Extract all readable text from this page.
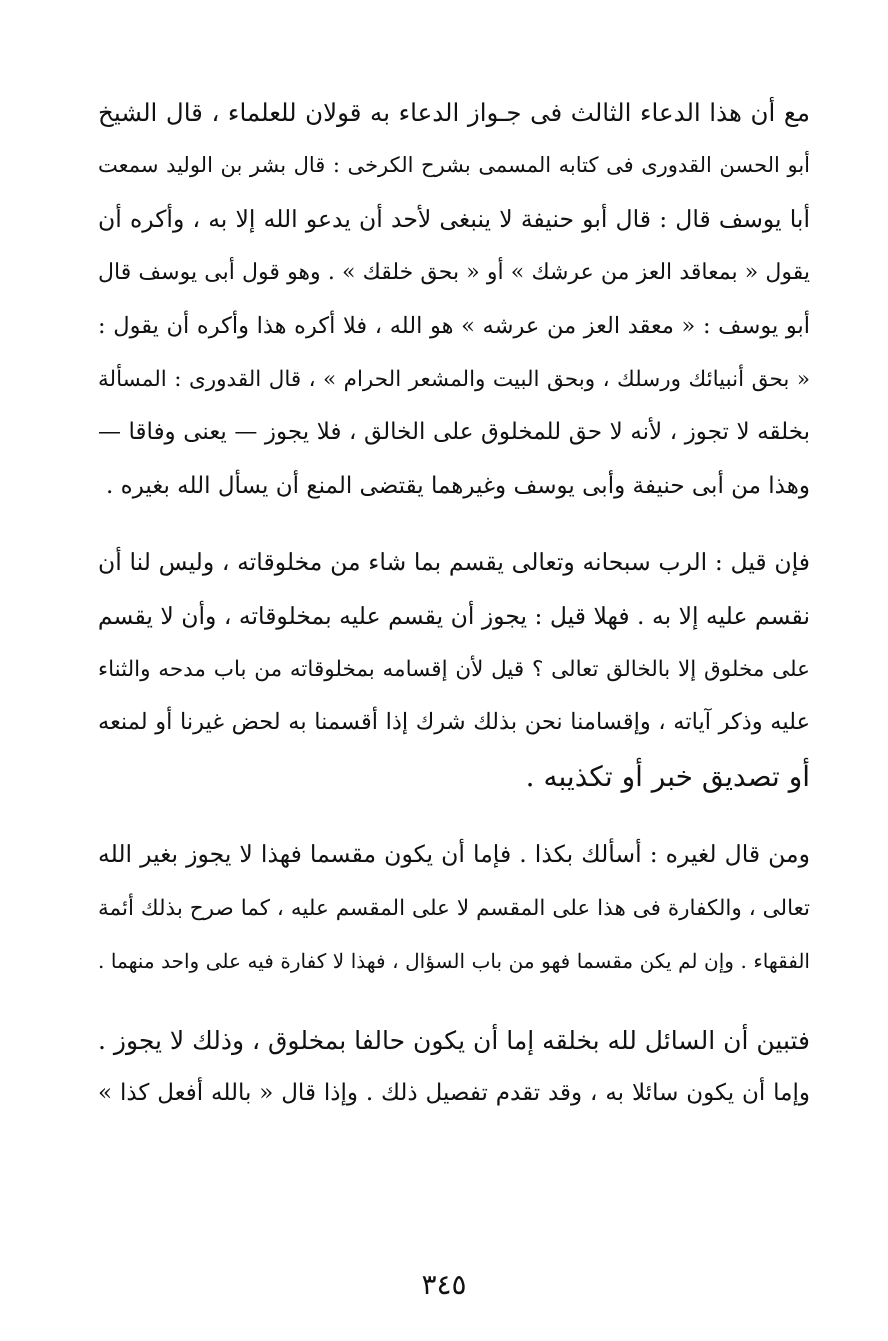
مع أن هذا الدعاء الثالث فى جـواز الدعاء به قولان للعلماء ، قال الشيخ
أبو الحسن القدورى فى كتابه المسمى بشرح الكرخى : قال بشر بن الوليد سمعت
أبا يوسف قال : قال أبو حنيفة لا ينبغى لأحد أن يدعو الله إلا به ، وأكره أن
يقول « بمعاقد العز من عرشك » أو « بحق خلقك » . وهو قول أبى يوسف قال
أبو يوسف : « معقد العز من عرشه » هو الله ، فلا أكره هذا وأكره أن يقول :
« بحق أنبيائك ورسلك ، وبحق البيت والمشعر الحرام » ، قال القدورى : المسألة
بخلقه لا تجوز ، لأنه لا حق للمخلوق على الخالق ، فلا يجوز — يعنى وفاقا —
وهذا من أبى حنيفة وأبى يوسف وغيرهما يقتضى المنع أن يسأل الله بغيره .

فإن قيل : الرب سبحانه وتعالى يقسم بما شاء من مخلوقاته ، وليس لنا أن
نقسم عليه إلا به . فهلا قيل : يجوز أن يقسم عليه بمخلوقاته ، وأن لا يقسم
على مخلوق إلا بالخالق تعالى ؟ قيل لأن إقسامه بمخلوقاته من باب مدحه والثناء
عليه وذكر آياته ، وإقسامنا نحن بذلك شرك إذا أقسمنا به لحض غيرنا أو لمنعه
أو تصديق خبر أو تكذيبه .

ومن قال لغيره : أسألك بكذا . فإما أن يكون مقسما فهذا لا يجوز بغير الله
تعالى ، والكفارة فى هذا على المقسم لا على المقسم عليه ، كما صرح بذلك أئمة
الفقهاء . وإن لم يكن مقسما فهو من باب السؤال ، فهذا لا كفارة فيه على واحد منهما .

فتبين أن السائل لله بخلقه إما أن يكون حالفا بمخلوق ، وذلك لا يجوز .
وإما أن يكون سائلا به ، وقد تقدم تفصيل ذلك . وإذا قال « بالله أفعل كذا »

٣٤٥
